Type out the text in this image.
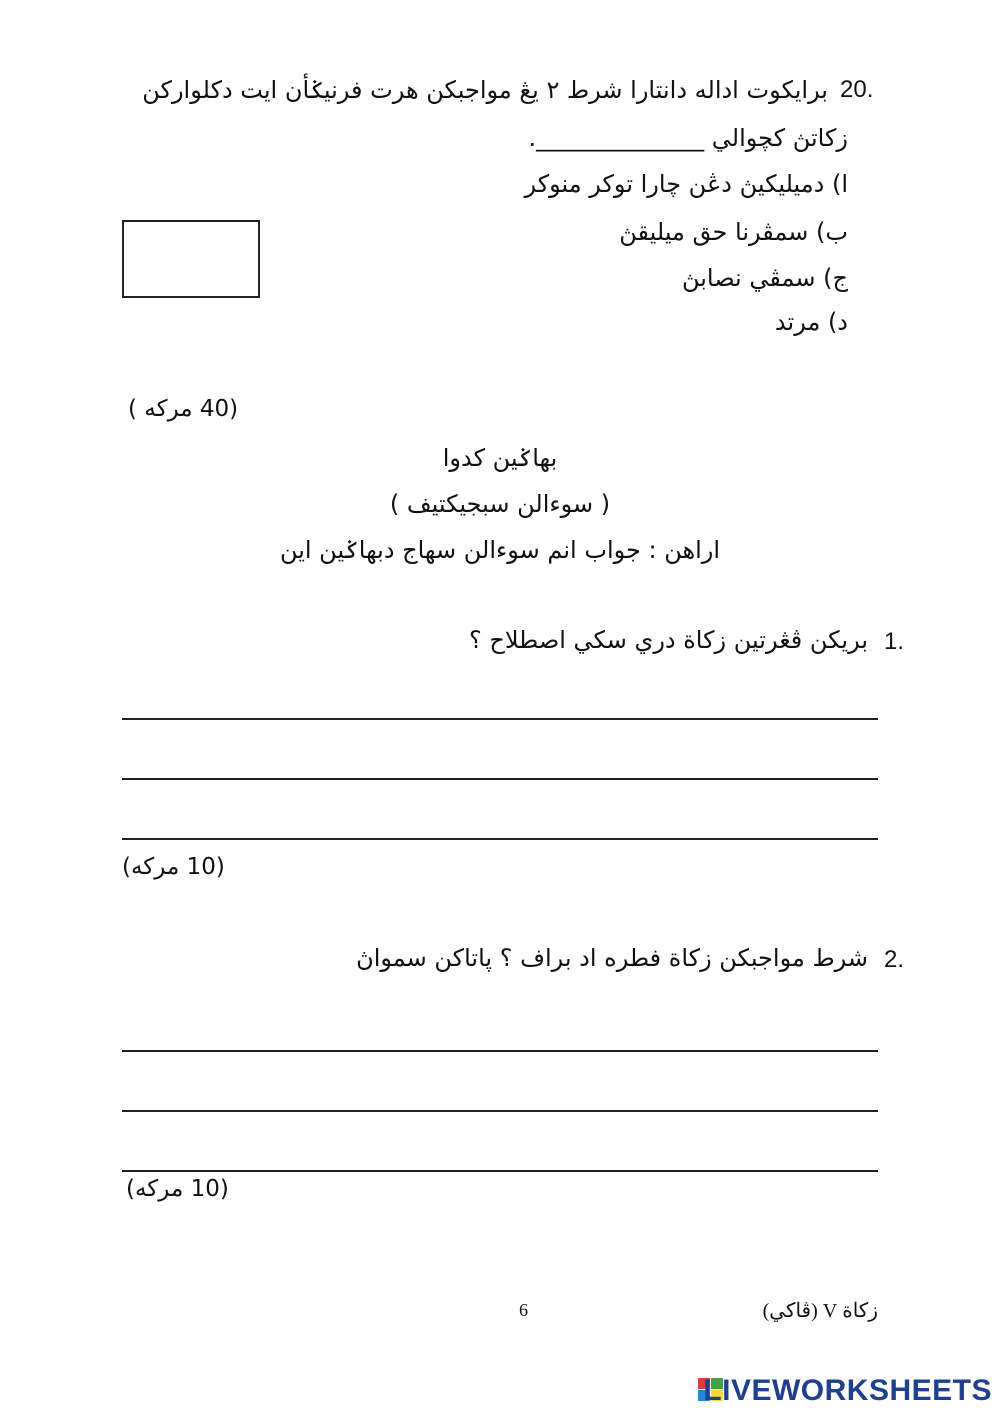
20.
برايكوت اداله دانتارا شرط ٢ يڠ مواجبكن هرت فرنيݢأن ايت دكلواركن
زكاتڽ كچوالي ______________.
ا) دميليكيڽ دڠن چارا توكر منوكر
ب) سمڤرنا حق ميليقڽ
ج) سمڤي نصابڽ
د) مرتد
(40 مركه )
بهاݢين كدوا
( سوءالن سبجيكتيف )
اراهن : جواب انم سوءالن سهاج دبهاݢين اين
1.
بريكن ڤڠرتين زكاة دري سكي اصطلاح ؟
(10 مركه)
2.
شرط مواجبكن زكاة فطره اد براف ؟ ڽاتاكن سمواڽ
(10 مركه)
6	زكاة V (ڤاكي)
LIVEWORKSHEETS
